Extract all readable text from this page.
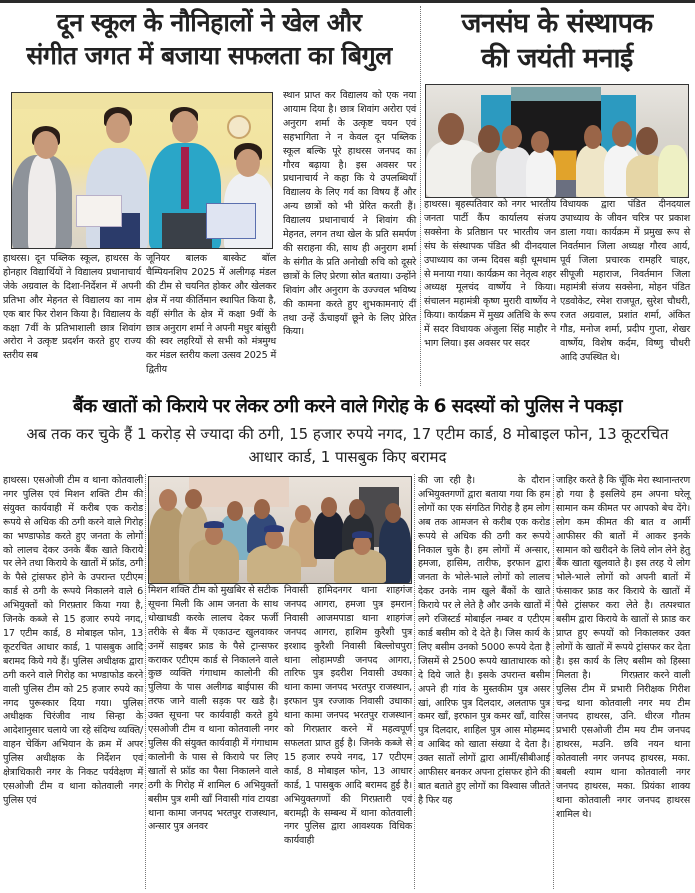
दून स्कूल के नौनिहालों ने खेल और
संगीत जगत में बजाया सफलता का बिगुल

हाथरस। दून पब्लिक स्कूल, हाथरस के होनहार विद्यार्थियों ने विद्यालय प्रधानाचार्य जेके अग्रवाल के दिशा-निर्देशन में अपनी प्रतिभा और मेहनत से विद्यालय का नाम एक बार फिर रोशन किया है। विद्यालय के कक्षा 7वीं के प्रतिभाशाली छात्र शिवांग अरोरा ने उत्कृष्ट प्रदर्शन करते हुए राज्य स्तरीय सब

जूनियर बालक बास्केट बॉल चैम्पियनशिप 2025 में अलीगढ़ मंडल की टीम से चयनित होकर और खेलकर क्षेत्र में नया कीर्तिमान स्थापित किया है, वहीं संगीत के क्षेत्र में कक्षा 9वीं के छात्र अनुराग शर्मा ने अपनी मधुर बांसुरी की स्वर लहरियों से सभी को मंत्रमुग्ध कर मंडल स्तरीय कला उत्सव 2025 में द्वितीय

स्थान प्राप्त कर विद्यालय को एक नया आयाम दिया है। छात्र शिवांग अरोरा एवं अनुराग शर्मा के उत्कृष्ट चयन एवं सहभागिता ने न केवल दून पब्लिक स्कूल बल्कि पूरे हाथरस जनपद का गौरव बढ़ाया है। इस अवसर पर प्रधानाचार्य ने कहा कि ये उपलब्धियाँ विद्यालय के लिए गर्व का विषय हैं और अन्य छात्रों को भी प्रेरित करती हैं। विद्यालय प्रधानाचार्य ने शिवांग की मेहनत, लगन तथा खेल के प्रति समर्पण की सराहना की, साथ ही अनुराग शर्मा के संगीत के प्रति अनोखी रुचि को दूसरे छात्रों के लिए प्रेरणा स्रोत बताया। उन्होंने शिवांग और अनुराग के उज्ज्वल भविष्य की कामना करते हुए शुभकामनाएं दीं तथा उन्हें ऊँचाइयाँ छूने के लिए प्रेरित किया।

जनसंघ के संस्थापक
की जयंती मनाई

हाथरस। बृहस्पतिवार को नगर भारतीय जनता पार्टी कैंप कार्यालय संजय सक्सेना के प्रतिष्ठान पर भारतीय जन संघ के संस्थापक पंडित श्री दीनदयाल उपाध्याय का जन्म दिवस बड़ी धूमधाम से मनाया गया। कार्यक्रम का नेतृत्व शहर अध्यक्ष मूलचंद वार्ष्णेय ने किया। संचालन महामंत्री कृष्ण मुरारी वार्ष्णेय ने किया। कार्यक्रम में मुख्य अतिथि के रूप में सदर विधायक अंजुला सिंह माहौर ने भाग लिया। इस अवसर पर सदर

विधायक द्वारा पंडित दीनदयाल उपाध्याय के जीवन चरित्र पर प्रकाश डाला गया। कार्यक्रम में प्रमुख रूप से निवर्तमान जिला अध्यक्ष गौरव आर्य, पूर्व जिला प्रचारक रामहरि चाहर, सीपूजी महाराज, निवर्तमान जिला महामंत्री संजय सक्सेना, मोहन पंडित एडवोकेट, रमेश राजपूत, सुरेश चौधरी, रजत अग्रवाल, प्रशांत शर्मा, अंकित गौड, मनोज शर्मा, प्रदीप गुप्ता, शेखर वार्ष्णेय, विशेष कर्दम, विष्णु चौधरी आदि उपस्थित थे।

बैंक खातों को किराये पर लेकर ठगी करने वाले गिरोह के 6 सदस्यों को पुलिस ने पकड़ा
अब तक कर चुके हैं 1 करोड़ से ज्यादा की ठगी, 15 हजार रुपये नगद, 17 एटीम कार्ड, 8 मोबाइल फोन, 13 कूटरचित आधार कार्ड, 1 पासबुक किए बरामद

हाथरस। एसओजी टीम व थाना कोतवाली नगर पुलिस एवं मिशन शक्ति टीम की संयुक्त कार्यवाही में करीब एक करोड रूपये से अधिक की ठगी करने वाले गिरोह का भण्डाफोड करते हुए जनता के लोगों को लालच देकर उनके बैंक खाते किराये पर लेने तथा किराये के खातों में फ्रॉड, ठगी के पैसे ट्रांसफर होने के उपरान्त एटीएम कार्ड से ठगी के रूपये निकालने वाले 6 अभियुक्तों को गिरफ़्तार किया गया है, जिनके कब्जे से 15 हजार रुपये नगद, 17 एटीम कार्ड, 8 मोबाइल फोन, 13 कूटरचित आधार कार्ड, 1 पासबुक आदि बरामद किये गये हैं। पुलिस अधीक्षक द्वारा ठगी करने वाले गिरोह का भण्डाफोड करने वाली पुलिस टीम को 25 हजार रुपये का नगद पुरूस्कार दिया गया। पुलिस अधीक्षक चिरंजीव नाथ सिन्हा के आदेशानुसार चलाये जा रहे संदिग्ध व्यक्ति/वाहन चेकिंग अभियान के क्रम में अपर पुलिस अधीक्षक के निर्देशन एवं क्षेत्राधिकारी नगर के निकट पर्यवेक्षण में एसओजी टीम व थाना कोतवाली नगर पुलिस एवं

मिशन शक्ति टीम को मुखबिर से सटीक सूचना मिली कि आम जनता के साथ धोखाधडी करके लालच देकर फर्जी तरीके से बैंक में एकाउन्ट खुलवाकर उनमें साइबर फ्राड के पैसे ट्रान्सफर कराकर एटीएम कार्ड से निकालने वाले कुछ व्यक्ति गंगाधाम कालोनी की पुलिया के पास अलीगढ बाईपास की तरफ जाने वाली सड़क पर खडे है। उक्त सूचना पर कार्यवाही करते हुये एसओजी टीम व थाना कोतवाली नगर पुलिस की संयुक्त कार्यवाही में गंगाधाम कालोनी के पास से किराये पर लिए खातों से फ्रॉड का पैसा निकालने वाले ठगी के गिरोह में शामिल 6 अभियुक्तों बसीम पुत्र शमी खाँ निवासी गांव टायडा थाना कामा जनपद भरतपुर राजस्थान, अन्सार पुत्र अनवर

निवासी हामिदनगर थाना शाहगंज जनपद आगरा, हमजा पुत्र इमरान निवासी आजमपाडा थाना शाहगंज जनपद आगरा, हाशिम कुरैशी पुत्र इरशाद कुरैशी निवासी बिल्लोचपुरा थाना लोहामण्डी जनपद आगरा, तारिफ पुत्र इदरीश निवासी उधका थाना कामा जनपद भरतपुर राजस्थान, इरफान पुत्र रज्जाक निवासी उधाका थाना कामा जनपद भरतपुर राजस्थान को गिरफ़्तार करने में महत्वपूर्ण सफलता प्राप्त हुई है। जिनके कब्जे से 15 हजार रुपये नगद, 17 एटीएम कार्ड, 8 मोबाइल फोन, 13 आधार कार्ड, 1 पासबुक आदि बरामद हुई है। अभियुक्तगणों की गिरफ़्तारी एवं बरामद्गी के सम्बन्ध में थाना कोतवाली नगर पुलिस द्वारा आवश्यक विधिक कार्यवाही

की जा रही है।       के दौरान अभियुक्तगणों द्वारा बताया गया कि हम लोगों का एक संगठित गिरोह है हम लोग अब तक आमजन से करीब एक करोड रूपये से अधिक की ठगी कर रूपये निकाल चुके है। हम लोगों में अन्सार, हमजा, हासिम, तारीफ, इरफान द्वारा जनता के भोले-भाले लोगों को लालच देकर उनके नाम खुले बैंकों के खाते किराये पर ले लेते है और उनके खातों में लगे रजिस्टर्ड मोबाईल नम्बर व एटीएम कार्ड बसीम को दे देते है। जिस कार्य के लिए बसीम उनको 5000 रूपये देता है जिसमें से 2500 रूपये खाताधारक को दे दिये जाते है। इसके उपरान्त बसीम अपने ही गांव के मुस्तकीम पुत्र असर खां, आरिफ पुत्र दिलदार, अलताफ पुत्र कमर खाँ, इरफान पुत्र कमर खाँ, वारिस पुत्र दिलदार, शाहिल पुत्र आस मोहम्मद व आबिद को खाता संख्या दे देता है। उक्त सातों लोगों द्वारा आर्मी/सीबीआई आफीसर बनकर अपना ट्रांसफर होने की बात बताते हुए लोगों का विश्वास जीतते है फिर यह

जाहिर करते है कि चूँकि मेरा स्थानान्तरण हो गया है इसलिये हम अपना घरेलू सामान कम कीमत पर आपको बेच देंगे। लोग कम कीमत की बात व आर्मी आफीसर की बातों में आकर इनके सामान को खरीदने के लिये लोन लेने हेतु बैंक खाता खुलवाते है। इस तरह ये लोग भोले-भाले लोगों को अपनी बातों में फंसाकर फ्राड कर किराये के खातों में पैसे ट्रांसफर करा लेते है। तत्पश्चात बसीम द्वारा किराये के खातों से फ्राड कर प्राप्त हुए रूपयों को निकालकर उक्त लोगों के खातों में रूपये ट्रांसफर कर देता है। इस कार्य के लिए बसीम को हिस्सा मिलता है।       गिरफ़्तार करने वाली पुलिस टीम में प्रभारी निरीक्षक गिरीश चन्द्र थाना कोतवाली नगर मय टीम जनपद हाथरस, उनि. धीरज गौतम प्रभारी एसओजी टीम मय टीम जनपद हाथरस, मउनि. छवि नयन थाना कोतवाली नगर जनपद हाथरस, मका. बबली श्याम थाना कोतवाली नगर जनपद हाथरस, मका. प्रियंका शाक्य थाना कोतवाली नगर जनपद हाथरस शामिल थे।
